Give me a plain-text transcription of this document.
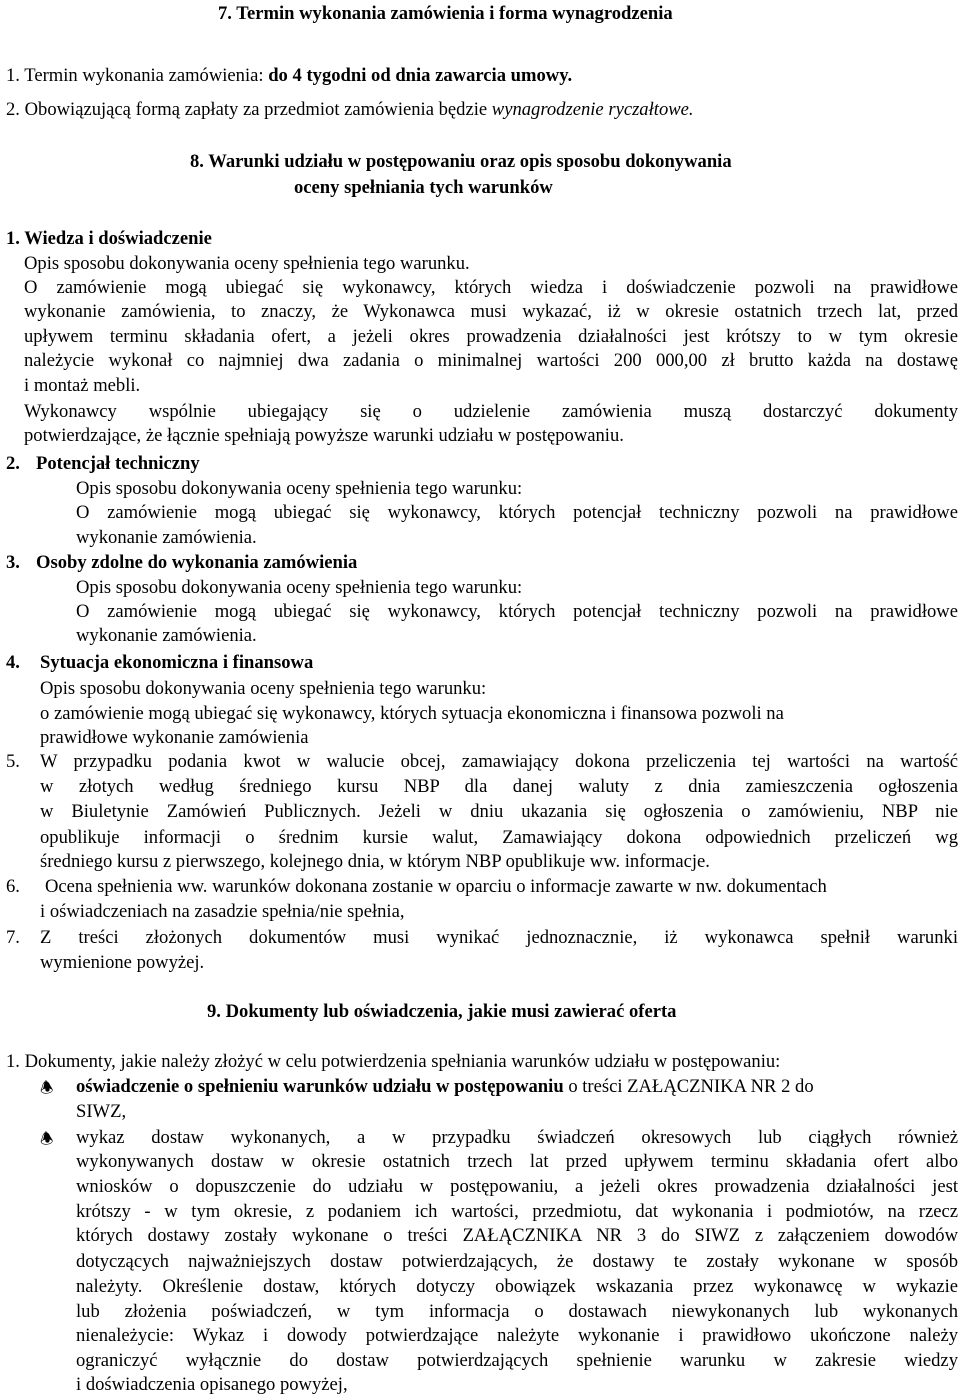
7. Termin wykonania zamówienia i forma wynagrodzenia
1. Termin wykonania zamówienia: do 4 tygodni od dnia zawarcia umowy.
2. Obowiązującą formą zapłaty za przedmiot zamówienia będzie wynagrodzenie ryczałtowe.
8. Warunki udziału w postępowaniu oraz opis sposobu dokonywania
oceny spełniania tych warunków
1. Wiedza i doświadczenie
Opis sposobu dokonywania oceny spełnienia tego warunku.
O zamówienie mogą ubiegać się wykonawcy, których wiedza i doświadczenie pozwoli na prawidłowe
wykonanie zamówienia, to znaczy, że Wykonawca musi wykazać, iż w okresie ostatnich trzech lat, przed
upływem terminu składania ofert, a jeżeli okres prowadzenia działalności jest krótszy to w tym okresie
należycie wykonał co najmniej dwa zadania o minimalnej wartości 200 000,00 zł brutto każda na dostawę
i montaż mebli.
Wykonawcy wspólnie ubiegający się o udzielenie zamówienia muszą dostarczyć dokumenty
potwierdzające, że łącznie spełniają powyższe warunki udziału w postępowaniu.
2. Potencjał techniczny
Opis sposobu dokonywania oceny spełnienia tego warunku:
O zamówienie mogą ubiegać się wykonawcy, których potencjał techniczny pozwoli na prawidłowe
wykonanie zamówienia.
3. Osoby zdolne do wykonania zamówienia
Opis sposobu dokonywania oceny spełnienia tego warunku:
O zamówienie mogą ubiegać się wykonawcy, których potencjał techniczny pozwoli na prawidłowe
wykonanie zamówienia.
4. Sytuacja ekonomiczna i finansowa
Opis sposobu dokonywania oceny spełnienia tego warunku:
o zamówienie mogą ubiegać się wykonawcy, których sytuacja ekonomiczna i finansowa pozwoli na
prawidłowe wykonanie zamówienia
5. W przypadku podania kwot w walucie obcej, zamawiający dokona przeliczenia tej wartości na wartość
w złotych według średniego kursu NBP dla danej waluty z dnia zamieszczenia ogłoszenia
w Biuletynie Zamówień Publicznych. Jeżeli w dniu ukazania się ogłoszenia o zamówieniu, NBP nie
opublikuje informacji o średnim kursie walut, Zamawiający dokona odpowiednich przeliczeń wg
średniego kursu z pierwszego, kolejnego dnia, w którym NBP opublikuje ww. informacje.
6. Ocena spełnienia ww. warunków dokonana zostanie w oparciu o informacje zawarte w nw. dokumentach
i oświadczeniach na zasadzie spełnia/nie spełnia,
7. Z treści złożonych dokumentów musi wynikać jednoznacznie, iż wykonawca spełnił warunki
wymienione powyżej.
9. Dokumenty lub oświadczenia, jakie musi zawierać oferta
1. Dokumenty, jakie należy złożyć w celu potwierdzenia spełniania warunków udziału w postępowaniu:
🕭 oświadczenie o spełnieniu warunków udziału w postępowaniu o treści ZAŁĄCZNIKA NR 2 do
SIWZ,
🕭 wykaz dostaw wykonanych, a w przypadku świadczeń okresowych lub ciągłych również
wykonywanych dostaw w okresie ostatnich trzech lat przed upływem terminu składania ofert albo
wniosków o dopuszczenie do udziału w postępowaniu, a jeżeli okres prowadzenia działalności jest
krótszy - w tym okresie, z podaniem ich wartości, przedmiotu, dat wykonania i podmiotów, na rzecz
których dostawy zostały wykonane o treści ZAŁĄCZNIKA NR 3 do SIWZ z załączeniem dowodów
dotyczących najważniejszych dostaw potwierdzających, że dostawy te zostały wykonane w sposób
należyty. Określenie dostaw, których dotyczy obowiązek wskazania przez wykonawcę w wykazie
lub złożenia poświadczeń, w tym informacja o dostawach niewykonanych lub wykonanych
nienależycie: Wykaz i dowody potwierdzające należyte wykonanie i prawidłowo ukończone należy
ograniczyć wyłącznie do dostaw potwierdzających spełnienie warunku w zakresie wiedzy
i doświadczenia opisanego powyżej,
